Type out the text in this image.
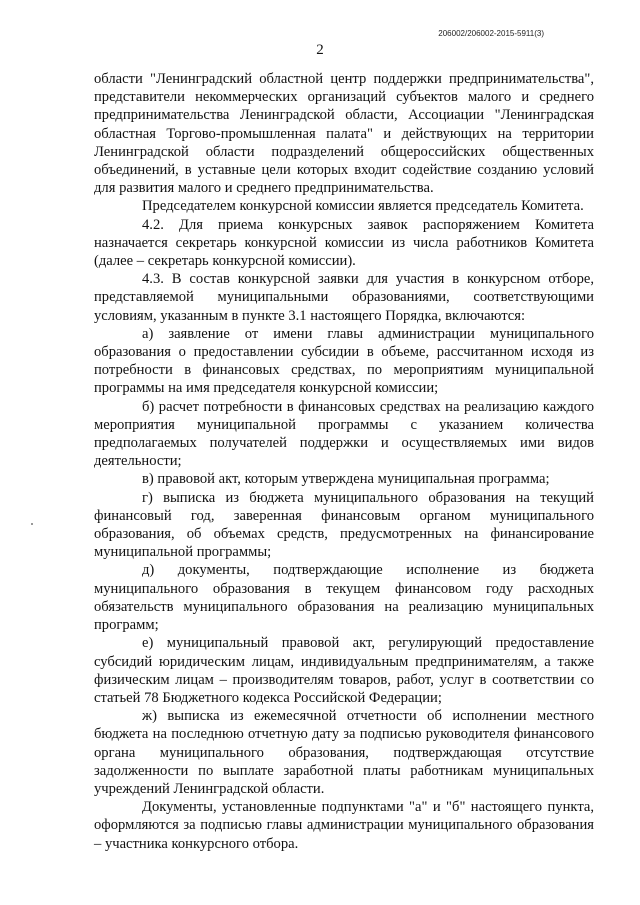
206002/206002-2015-5911(3)
2

области "Ленинградский областной центр поддержки предпринимательства", представители некоммерческих организаций субъектов малого и среднего предпринимательства Ленинградской области, Ассоциации "Ленинградская областная Торгово-промышленная палата" и действующих на территории Ленинградской области подразделений общероссийских общественных объединений, в уставные цели которых входит содействие созданию условий для развития малого и среднего предпринимательства.

Председателем конкурсной комиссии является председатель Комитета.

4.2. Для приема конкурсных заявок распоряжением Комитета назначается секретарь конкурсной комиссии из числа работников Комитета (далее – секретарь конкурсной комиссии).

4.3. В состав конкурсной заявки для участия в конкурсном отборе, представляемой муниципальными образованиями, соответствующими условиям, указанным в пункте 3.1 настоящего Порядка, включаются:

а) заявление от имени главы администрации муниципального образования о предоставлении субсидии в объеме, рассчитанном исходя из потребности в финансовых средствах, по мероприятиям муниципальной программы на имя председателя конкурсной комиссии;

б) расчет потребности в финансовых средствах на реализацию каждого мероприятия муниципальной программы с указанием количества предполагаемых получателей поддержки и осуществляемых ими видов деятельности;

в) правовой акт, которым утверждена муниципальная программа;

г) выписка из бюджета муниципального образования на текущий финансовый год, заверенная финансовым органом муниципального образования, об объемах средств, предусмотренных на финансирование муниципальной программы;

д) документы, подтверждающие исполнение из бюджета муниципального образования в текущем финансовом году расходных обязательств муниципального образования на реализацию муниципальных программ;

е) муниципальный правовой акт, регулирующий предоставление субсидий юридическим лицам, индивидуальным предпринимателям, а также физическим лицам – производителям товаров, работ, услуг в соответствии со статьей 78 Бюджетного кодекса Российской Федерации;

ж) выписка из ежемесячной отчетности об исполнении местного бюджета на последнюю отчетную дату за подписью руководителя финансового органа муниципального образования, подтверждающая отсутствие задолженности по выплате заработной платы работникам муниципальных учреждений Ленинградской области.

Документы, установленные подпунктами "а" и "б" настоящего пункта, оформляются за подписью главы администрации муниципального образования – участника конкурсного отбора.
